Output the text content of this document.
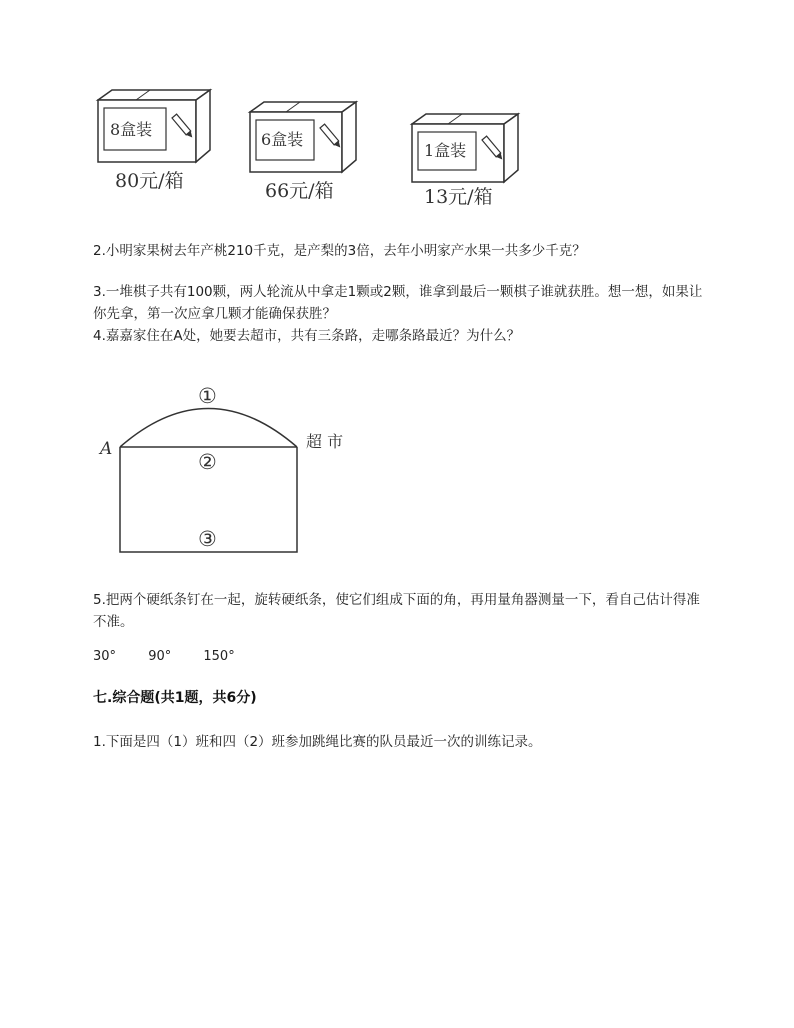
8盒装
6盒装
1盒装
80元/箱	66元/箱	13元/箱
2.小明家果树去年产桃210千克，是产梨的3倍，去年小明家产水果一共多少千克？
3.一堆棋子共有100颗，两人轮流从中拿走1颗或2颗，谁拿到最后一颗棋子谁就获胜。想一想，如果让你先拿，第一次应拿几颗才能确保获胜？
4.嘉嘉家住在A处，她要去超市，共有三条路，走哪条路最近？为什么？
A	超 市
①
②
③
5.把两个硬纸条钉在一起，旋转硬纸条，使它们组成下面的角，再用量角器测量一下，看自己估计得准不准。
30° 90° 150°
七.综合题(共1题，共6分)
1.下面是四（1）班和四（2）班参加跳绳比赛的队员最近一次的训练记录。
